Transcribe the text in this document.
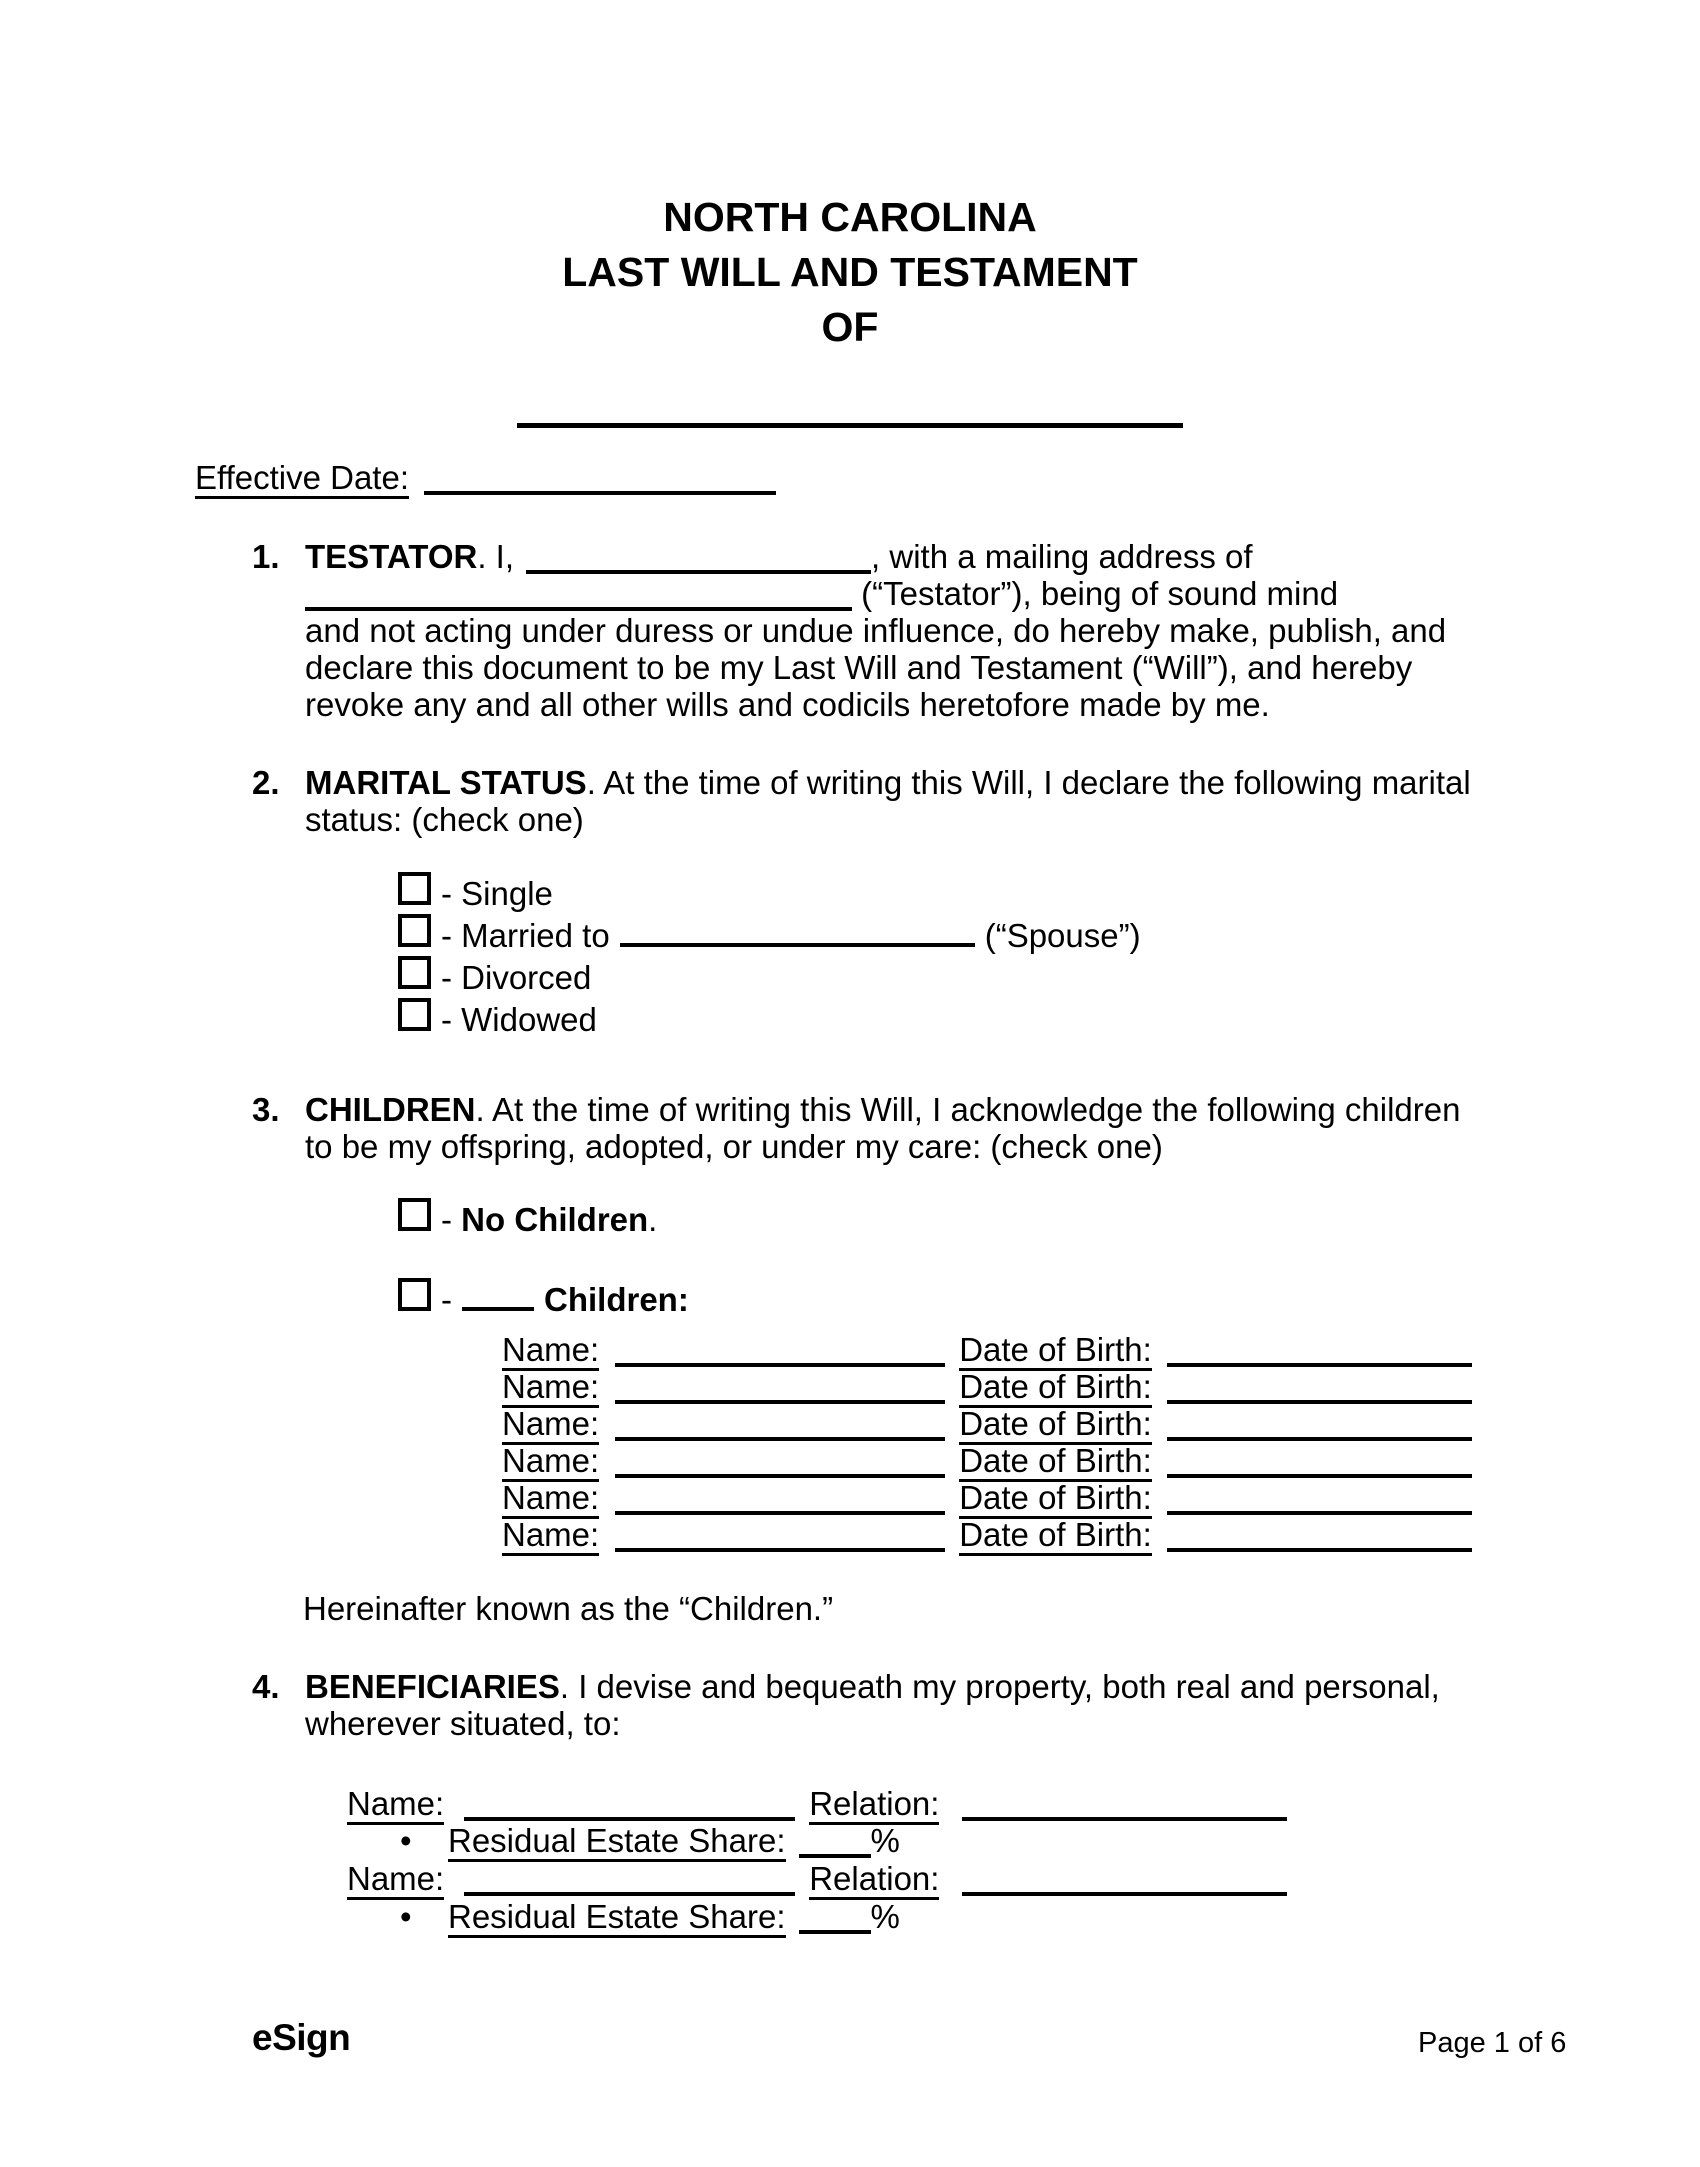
NORTH CAROLINA
LAST WILL AND TESTAMENT
OF
Effective Date:
1. TESTATOR. I,	, with a mailing address of
(“Testator”), being of sound mind
and not acting under duress or undue influence, do hereby make, publish, and
declare this document to be my Last Will and Testament (“Will”), and hereby
revoke any and all other wills and codicils heretofore made by me.
2. MARITAL STATUS. At the time of writing this Will, I declare the following marital
status: (check one)
- Single
- Married to	(“Spouse”)
- Divorced
- Widowed
3. CHILDREN. At the time of writing this Will, I acknowledge the following children
to be my offspring, adopted, or under my care: (check one)
- No Children.
-	Children:
Name:	Date of Birth:
Name:	Date of Birth:
Name:	Date of Birth:
Name:	Date of Birth:
Name:	Date of Birth:
Name:	Date of Birth:
Hereinafter known as the “Children.”
4. BENEFICIARIES. I devise and bequeath my property, both real and personal,
wherever situated, to:
Name:	Relation:
• Residual Estate Share:	%
Name:	Relation:
• Residual Estate Share:	%
eSign	Page 1 of 6
